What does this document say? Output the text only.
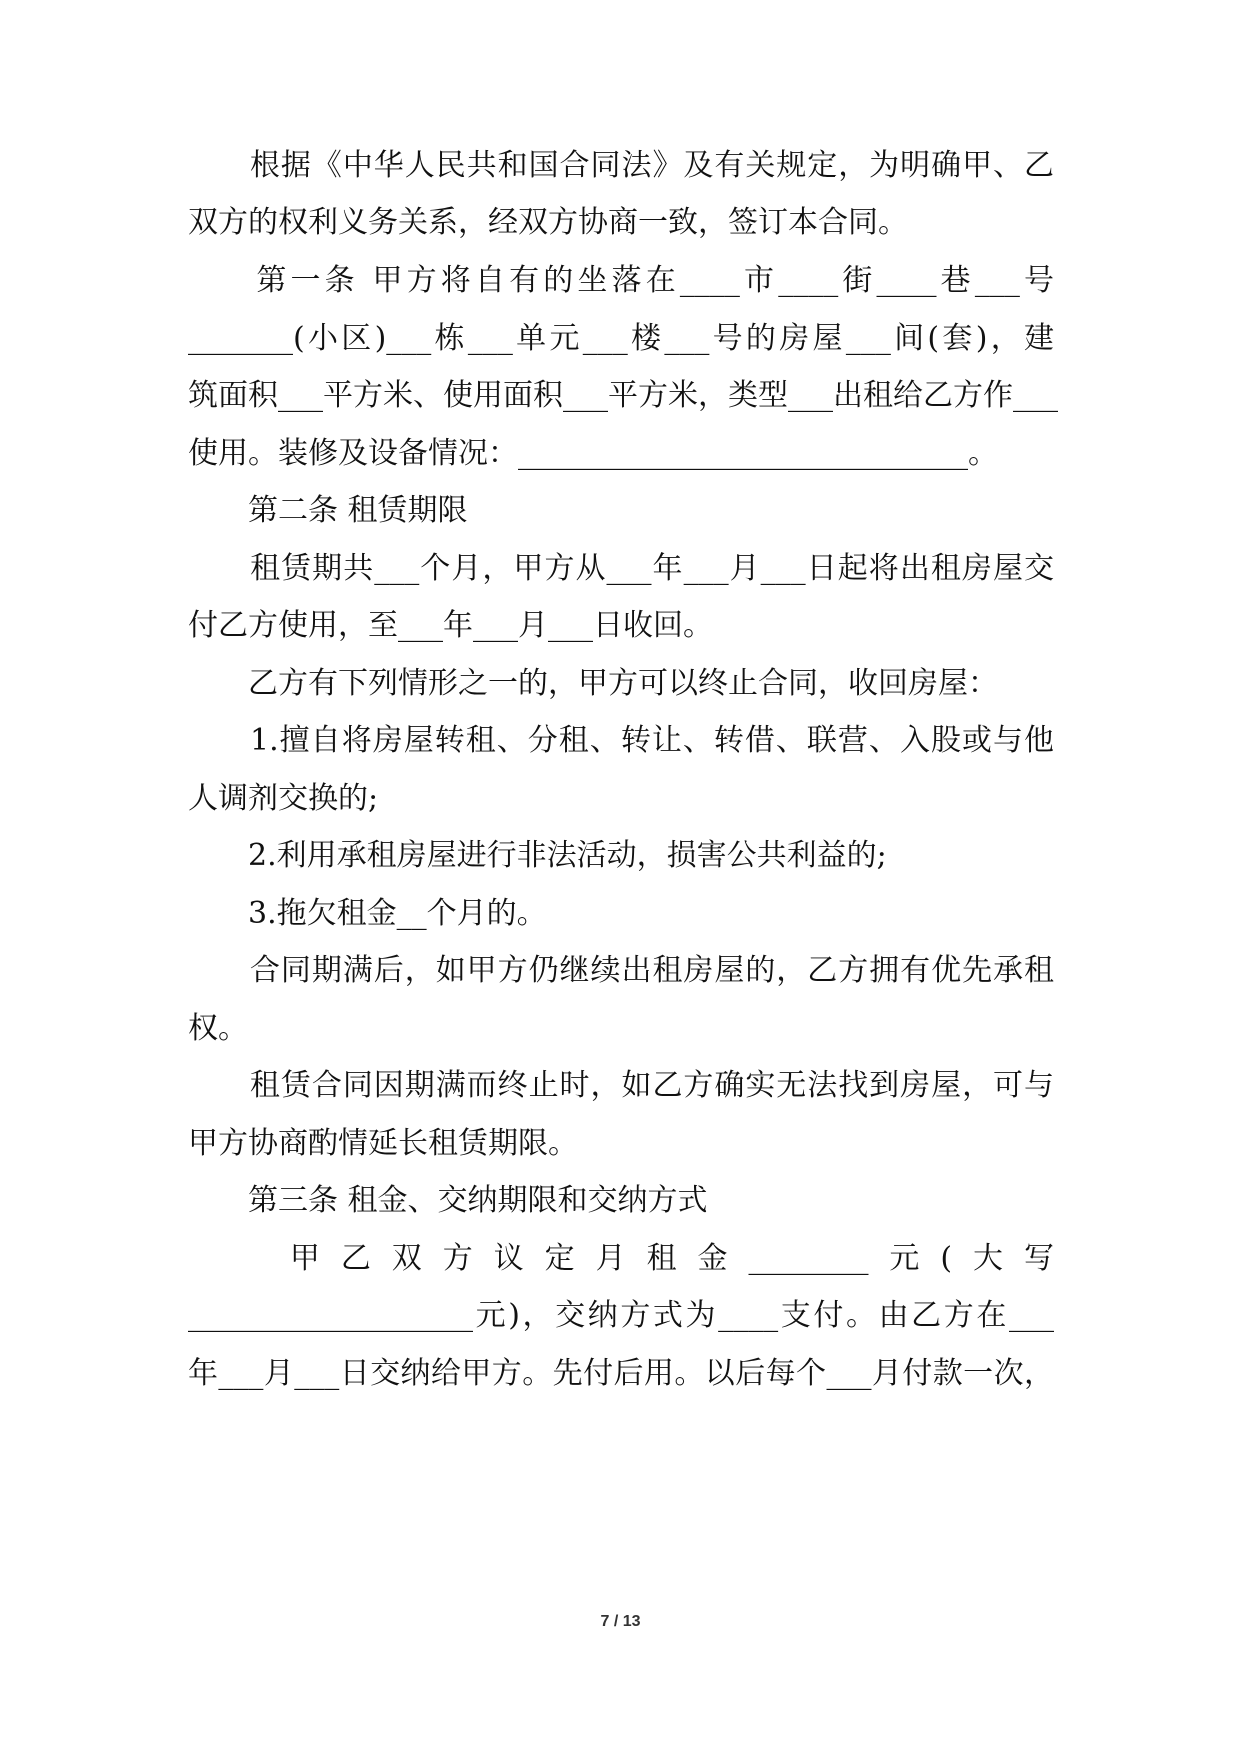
　　根据《中华人民共和国合同法》及有关规定，为明确甲、乙
双方的权利义务关系，经双方协商一致，签订本合同。
　　第一条 甲方将自有的坐落在____市____街____巷___号
_______(小区)___栋___单元___楼___号的房屋___间(套)，建
筑面积___平方米、使用面积___平方米，类型___出租给乙方作___
使用。装修及设备情况：______________________________。
　　第二条 租赁期限
　　租赁期共___个月，甲方从___年___月___日起将出租房屋交
付乙方使用，至___年___月___日收回。
　　乙方有下列情形之一的，甲方可以终止合同，收回房屋：
　　1.擅自将房屋转租、分租、转让、转借、联营、入股或与他
人调剂交换的;
　　2.利用承租房屋进行非法活动，损害公共利益的;
　　3.拖欠租金__个月的。
　　合同期满后，如甲方仍继续出租房屋的，乙方拥有优先承租
权。
　　租赁合同因期满而终止时，如乙方确实无法找到房屋，可与
甲方协商酌情延长租赁期限。
　　第三条 租金、交纳期限和交纳方式
　　甲乙双方议定月租金________元(大写
___________________元)，交纳方式为____支付。由乙方在___
年___月___日交纳给甲方。先付后用。以后每个___月付款一次，
7 / 13
